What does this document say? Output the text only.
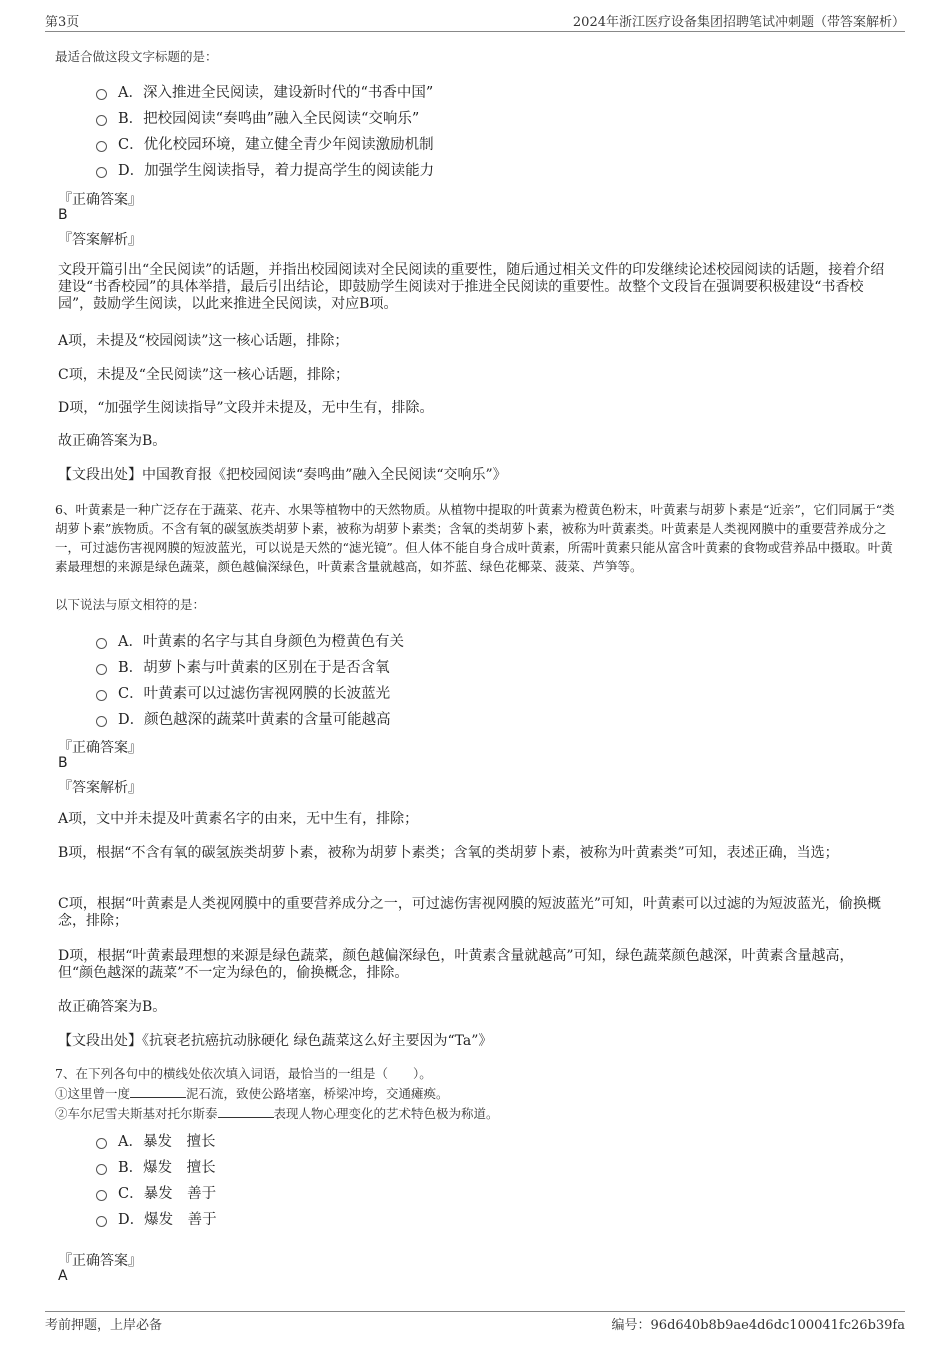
第3页	2024年浙江医疗设备集团招聘笔试冲刺题（带答案解析）
最适合做这段文字标题的是：
A． 深入推进全民阅读，建设新时代的“书香中国”
B． 把校园阅读“奏鸣曲”融入全民阅读“交响乐”
C． 优化校园环境，建立健全青少年阅读激励机制
D． 加强学生阅读指导，着力提高学生的阅读能力
『正确答案』
B
『答案解析』
文段开篇引出“全民阅读”的话题，并指出校园阅读对全民阅读的重要性，随后通过相关文件的印发继续论述校园阅读的话题，接着介绍建设“书香校园”的具体举措，最后引出结论，即鼓励学生阅读对于推进全民阅读的重要性。故整个文段旨在强调要积极建设“书香校园”，鼓励学生阅读，以此来推进全民阅读，对应B项。
A项，未提及“校园阅读”这一核心话题，排除；
C项，未提及“全民阅读”这一核心话题，排除；
D项，“加强学生阅读指导”文段并未提及，无中生有，排除。
故正确答案为B。
【文段出处】中国教育报《把校园阅读“奏鸣曲”融入全民阅读“交响乐”》
6、叶黄素是一种广泛存在于蔬菜、花卉、水果等植物中的天然物质。从植物中提取的叶黄素为橙黄色粉末，叶黄素与胡萝卜素是“近亲”，它们同属于“类胡萝卜素”族物质。不含有氧的碳氢族类胡萝卜素，被称为胡萝卜素类；含氧的类胡萝卜素，被称为叶黄素类。叶黄素是人类视网膜中的重要营养成分之一，可过滤伤害视网膜的短波蓝光，可以说是天然的“滤光镜”。但人体不能自身合成叶黄素，所需叶黄素只能从富含叶黄素的食物或营养品中摄取。叶黄素最理想的来源是绿色蔬菜，颜色越偏深绿色，叶黄素含量就越高，如芥蓝、绿色花椰菜、菠菜、芦笋等。
以下说法与原文相符的是：
A． 叶黄素的名字与其自身颜色为橙黄色有关
B． 胡萝卜素与叶黄素的区别在于是否含氧
C． 叶黄素可以过滤伤害视网膜的长波蓝光
D． 颜色越深的蔬菜叶黄素的含量可能越高
『正确答案』
B
『答案解析』
A项，文中并未提及叶黄素名字的由来，无中生有，排除；
B项，根据“不含有氧的碳氢族类胡萝卜素，被称为胡萝卜素类；含氧的类胡萝卜素，被称为叶黄素类”可知，表述正确，当选；
C项，根据“叶黄素是人类视网膜中的重要营养成分之一，可过滤伤害视网膜的短波蓝光”可知，叶黄素可以过滤的为短波蓝光，偷换概念，排除；
D项，根据“叶黄素最理想的来源是绿色蔬菜，颜色越偏深绿色，叶黄素含量就越高”可知，绿色蔬菜颜色越深，叶黄素含量越高，但“颜色越深的蔬菜”不一定为绿色的，偷换概念，排除。
故正确答案为B。
【文段出处】《抗衰老抗癌抗动脉硬化 绿色蔬菜这么好主要因为“Ta”》
7、在下列各句中的横线处依次填入词语，最恰当的一组是（　　）。
①这里曾一度	泥石流，致使公路堵塞，桥梁冲垮，交通瘫痪。
②车尔尼雪夫斯基对托尔斯泰	表现人物心理变化的艺术特色极为称道。
A． 暴发　擅长
B． 爆发　擅长
C． 暴发　善于
D． 爆发　善于
『正确答案』
A
考前押题，上岸必备	编号：96d640b8b9ae4d6dc100041fc26b39fa
